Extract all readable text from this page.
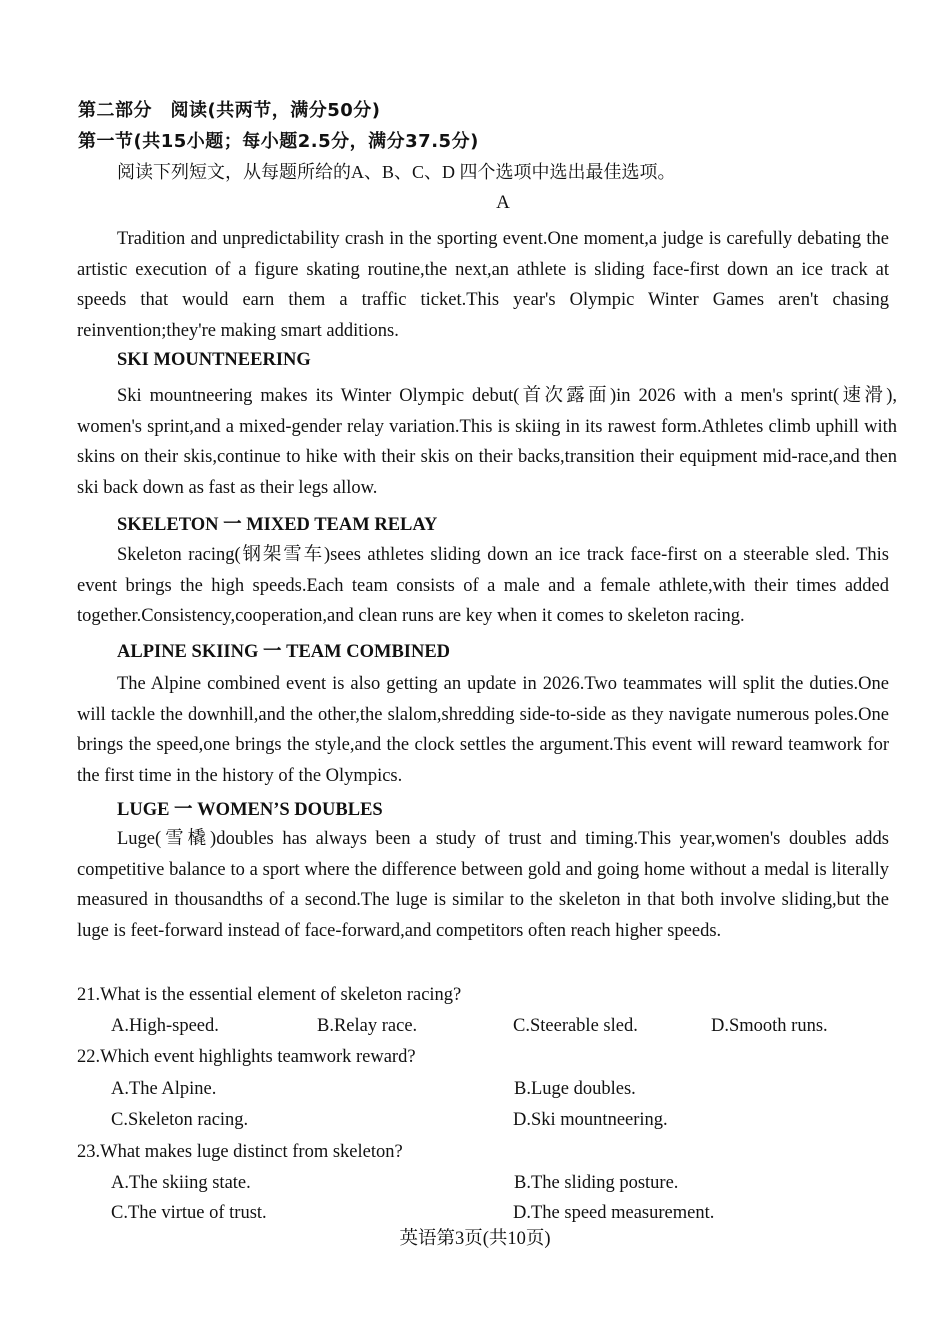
第二部分　阅读(共两节，满分50分)
第一节(共15小题；每小题2.5分，满分37.5分)
阅读下列短文，从每题所给的A、B、C、D 四个选项中选出最佳选项。
A

Tradition and unpredictability crash in the sporting event.One moment,a judge is carefully debating the artistic execution of a figure skating routine,the next,an athlete is sliding face-first down an ice track at speeds that would earn them a traffic ticket.This year's Olympic Winter Games aren't chasing reinvention;they're making smart additions.

SKI MOUNTNEERING

Ski mountneering makes its Winter Olympic debut(首次露面)in 2026 with a men's sprint(速滑), women's sprint,and a mixed-gender relay variation.This is skiing in its rawest form.Athletes climb uphill with skins on their skis,continue to hike with their skis on their backs,transition their equipment mid-race,and then ski back down as fast as their legs allow.

SKELETON 一 MIXED TEAM RELAY

Skeleton racing(钢架雪车)sees athletes sliding down an ice track face-first on a steerable sled. This event brings the high speeds.Each team consists of a male and a female athlete,with their times added together.Consistency,cooperation,and clean runs are key when it comes to skeleton racing.

ALPINE SKIING 一 TEAM COMBINED

The Alpine combined event is also getting an update in 2026.Two teammates will split the duties.One will tackle the downhill,and the other,the slalom,shredding side-to-side as they navigate numerous poles.One brings the speed,one brings the style,and the clock settles the argument.This event will reward teamwork for the first time in the history of the Olympics.

LUGE 一 WOMEN’S DOUBLES

Luge(雪橇)doubles has always been a study of trust and timing.This year,women's doubles adds competitive balance to a sport where the difference between gold and going home without a medal is literally measured in thousandths of a second.The luge is similar to the skeleton in that both involve sliding,but the luge is feet-forward instead of face-forward,and competitors often reach higher speeds.

21.What is the essential element of skeleton racing?
A.High-speed.	B.Relay race.	C.Steerable sled.	D.Smooth runs.
22.Which event highlights teamwork reward?
A.The Alpine.	B.Luge doubles.
C.Skeleton racing.	D.Ski mountneering.
23.What makes luge distinct from skeleton?
A.The skiing state.	B.The sliding posture.
C.The virtue of trust.	D.The speed measurement.
英语第3页(共10页)
